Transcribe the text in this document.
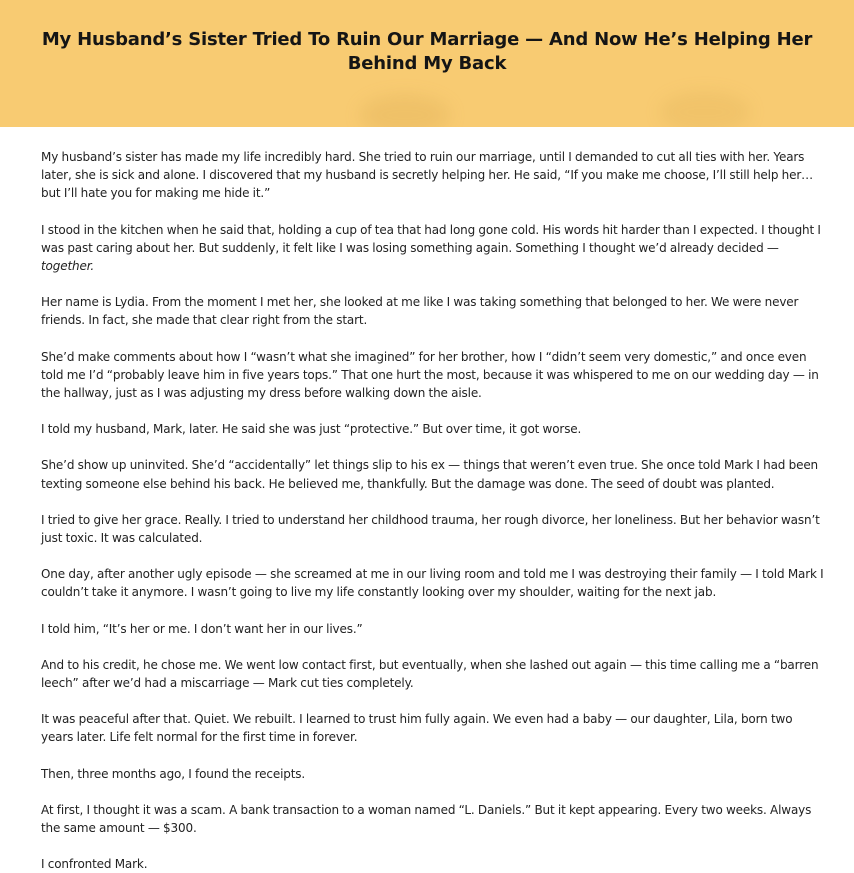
My Husband’s Sister Tried To Ruin Our Marriage — And Now He’s Helping Her Behind My Back

My husband’s sister has made my life incredibly hard. She tried to ruin our marriage, until I demanded to cut all ties with her. Years later, she is sick and alone. I discovered that my husband is secretly helping her. He said, “If you make me choose, I’ll still help her… but I’ll hate you for making me hide it.”

I stood in the kitchen when he said that, holding a cup of tea that had long gone cold. His words hit harder than I expected. I thought I was past caring about her. But suddenly, it felt like I was losing something again. Something I thought we’d already decided — together.

Her name is Lydia. From the moment I met her, she looked at me like I was taking something that belonged to her. We were never friends. In fact, she made that clear right from the start.

She’d make comments about how I “wasn’t what she imagined” for her brother, how I “didn’t seem very domestic,” and once even told me I’d “probably leave him in five years tops.” That one hurt the most, because it was whispered to me on our wedding day — in the hallway, just as I was adjusting my dress before walking down the aisle.

I told my husband, Mark, later. He said she was just “protective.” But over time, it got worse.

She’d show up uninvited. She’d “accidentally” let things slip to his ex — things that weren’t even true. She once told Mark I had been texting someone else behind his back. He believed me, thankfully. But the damage was done. The seed of doubt was planted.

I tried to give her grace. Really. I tried to understand her childhood trauma, her rough divorce, her loneliness. But her behavior wasn’t just toxic. It was calculated.

One day, after another ugly episode — she screamed at me in our living room and told me I was destroying their family — I told Mark I couldn’t take it anymore. I wasn’t going to live my life constantly looking over my shoulder, waiting for the next jab.

I told him, “It’s her or me. I don’t want her in our lives.”

And to his credit, he chose me. We went low contact first, but eventually, when she lashed out again — this time calling me a “barren leech” after we’d had a miscarriage — Mark cut ties completely.

It was peaceful after that. Quiet. We rebuilt. I learned to trust him fully again. We even had a baby — our daughter, Lila, born two years later. Life felt normal for the first time in forever.

Then, three months ago, I found the receipts.

At first, I thought it was a scam. A bank transaction to a woman named “L. Daniels.” But it kept appearing. Every two weeks. Always the same amount — $300.

I confronted Mark.
